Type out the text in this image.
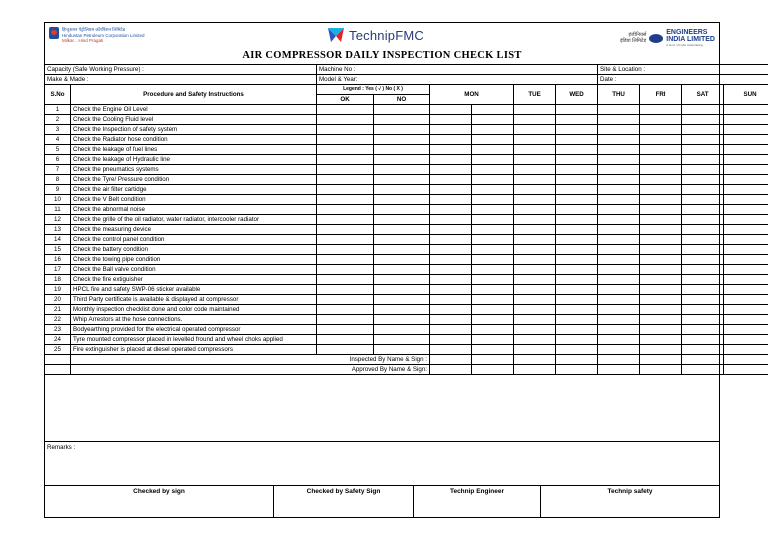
हिन्दुस्तान पेट्रोलियम कॉर्पोरेशन लिमिटेड
Hindustan Petroleum Corporation Limited
Milkar…Hind Pragati	TechnipFMC	इंजीनियर्स
इंडिया लिमिटेड
ENGINEERS
INDIA LIMITED
A Govt of India Undertaking
AIR COMPRESSOR DAILY INSPECTION CHECK LIST
Capacity (Safe Working Pressure) :		Machine No :						Site & Location :			
Make & Made :		Model & Year:						Date :			
S.No	Procedure and Safety Instructions	Legend : Yes ( √ ) No ( X )		MON		TUE	WED	THU	FRI	SAT	SUN
		OK	NO								
1	Check the Engine Oil Level										
2	Check the Cooling Fluid level										
3	Check the Inspection of safety system										
4	Check the Radiator hose condition										
5	Check the leakage of fuel lines										
6	Check the leakage of Hydraulic line										
7	Check the pneumatics systems										
8	Check the Tyre/ Pressure condition										
9	Check the air filter cartidge										
10	Check the V Belt condition										
11	Check the abnormal noise										
12	Check the grille of the oil radiator, water radiator, intercooler radiator										
13	Check the measuring device										
14	Check the control panel condition										
15	Check the battery condition										
16	Check the towing pipe condition										
17	Check the Ball valve condition										
18	Check the fire extiguisher										
19	HPCL fire and safety SWP-06 sticker available										
20	Third Party certificate is available & displayed at compressor										
21	Monthly inspection checklist done and color code maintained										
22	Whip Arrestors at the hose connections.										
23	Bodyearthing provided for the electrical operated compressor										
24	Tyre mounted compressor placed in levelled fround and wheel choks applied										
25	Fire extinguisher is placed at diesel operated compressors										
	Inspected By Name & Sign :										
	Approved By Name & Sign:										
Remarks :
Checked by sign	Checked by Safety Sign	Technip Engineer	Technip safety
